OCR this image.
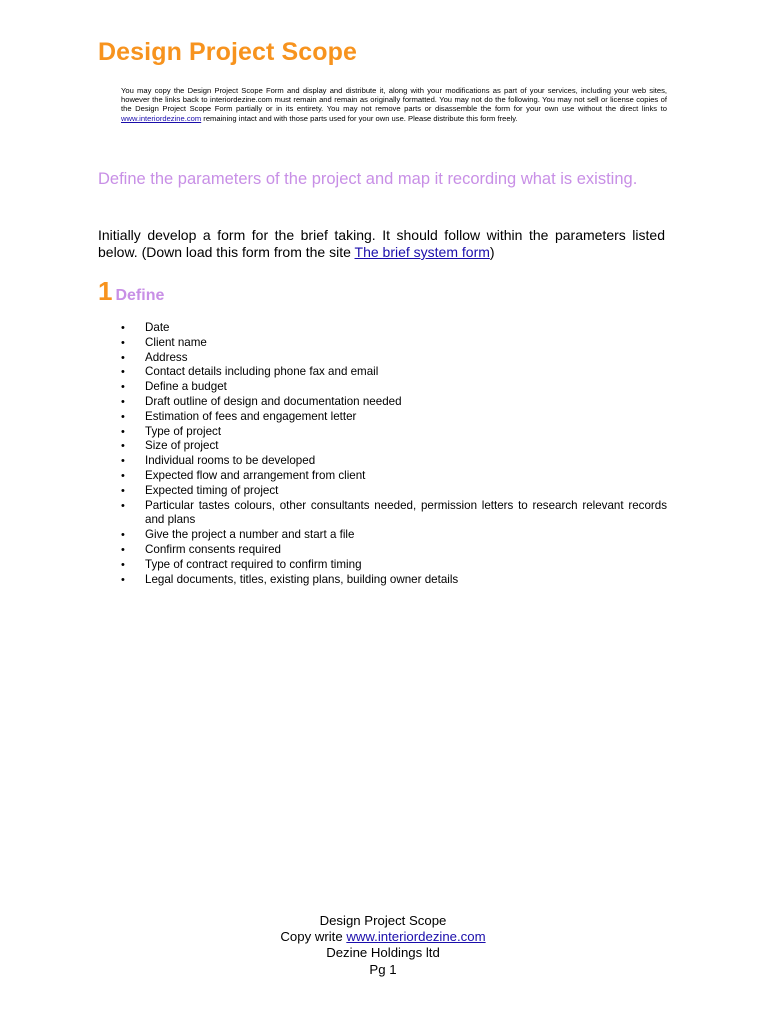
Design Project Scope

You may copy the Design Project Scope Form and display and distribute it, along with your modifications as part of your services, including your web sites, however the links back to interiordezine.com must remain and remain as originally formatted. You may not do the following. You may not sell or license copies of the Design Project Scope Form partially or in its entirety. You may not remove parts or disassemble the form for your own use without the direct links to www.interiordezine.com remaining intact and with those parts used for your own use. Please distribute this form freely.

Define the parameters of the project and map it recording what is existing.

Initially develop a form for the brief taking. It should follow within the parameters listed below. (Down load this form from the site The brief system form)

1 Define
• Date
• Client name
• Address
• Contact details including phone fax and email
• Define a budget
• Draft outline of design and documentation needed
• Estimation of fees and engagement letter
• Type of project
• Size of project
• Individual rooms to be developed
• Expected flow and arrangement from client
• Expected timing of project
• Particular tastes colours, other consultants needed, permission letters to research relevant records and plans
• Give the project a number and start a file
• Confirm consents required
• Type of contract required to confirm timing
• Legal documents, titles, existing plans, building owner details
Design Project Scope
Copy write www.interiordezine.com
Dezine Holdings ltd
Pg 1
